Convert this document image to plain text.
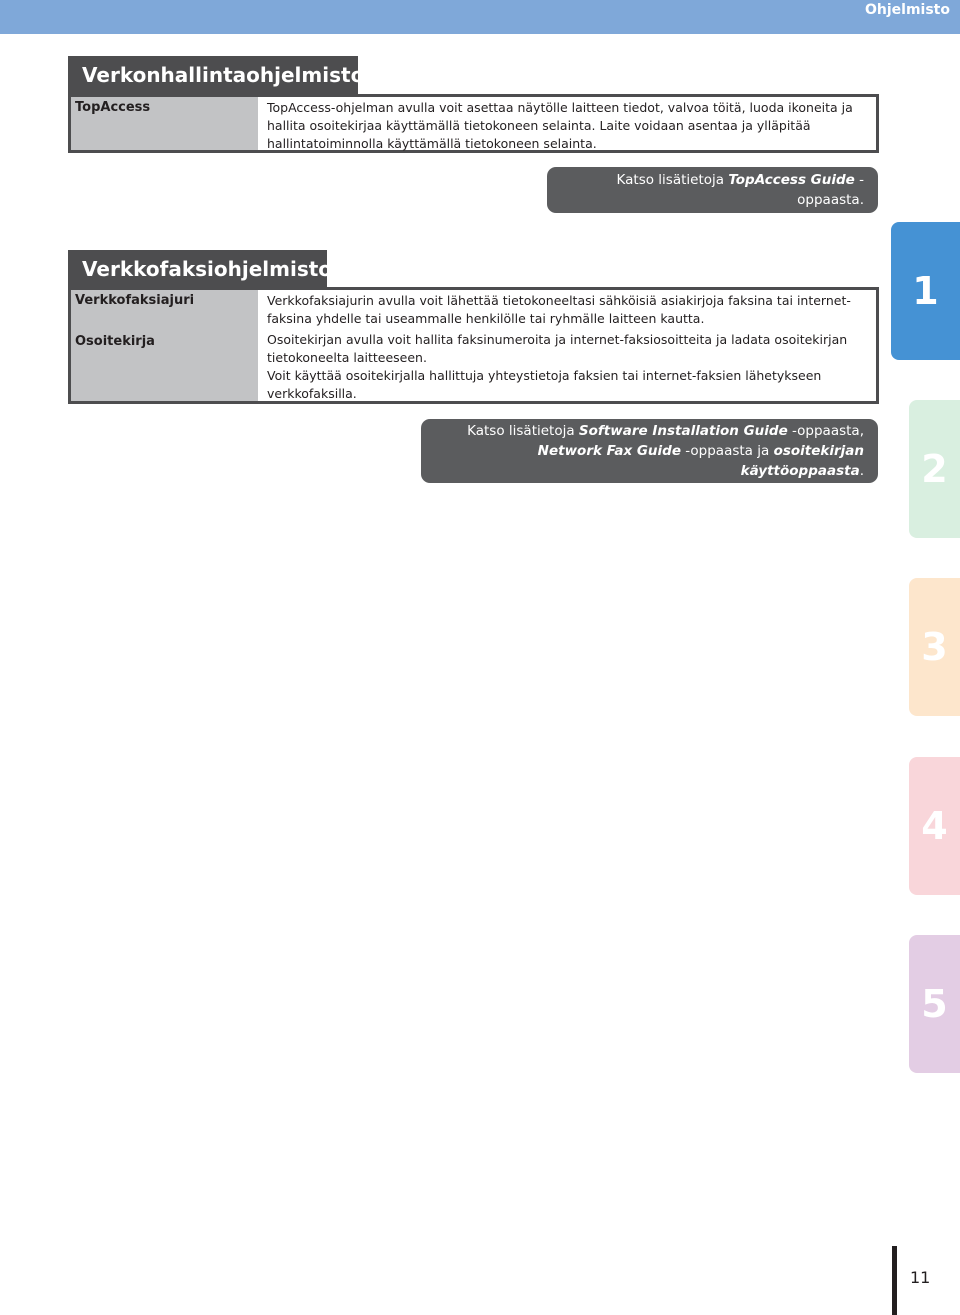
Ohjelmisto
Verkonhallintaohjelmisto
TopAccess	TopAccess-ohjelman avulla voit asettaa näytölle laitteen tiedot, valvoa töitä, luoda ikoneita ja hallita osoitekirjaa käyttämällä tietokoneen selainta. Laite voidaan asentaa ja ylläpitää hallintatoiminnolla käyttämällä tietokoneen selainta.

Katso lisätietoja TopAccess Guide -oppaasta.
Verkkofaksiohjelmisto
Verkkofaksiajuri	Verkkofaksiajurin avulla voit lähettää tietokoneeltasi sähköisiä asiakirjoja faksina tai internet-faksina yhdelle tai useammalle henkilölle tai ryhmälle laitteen kautta.

Osoitekirja	Osoitekirjan avulla voit hallita faksinumeroita ja internet-faksiosoitteita ja ladata osoitekirjan tietokoneelta laitteeseen.

Voit käyttää osoitekirjalla hallittuja yhteystietoja faksien tai internet-faksien lähetykseen verkkofaksilla.

Katso lisätietoja Software Installation Guide -oppaasta, Network Fax Guide -oppaasta ja osoitekirjan käyttöoppaasta.
1
2
3
4
5
11
